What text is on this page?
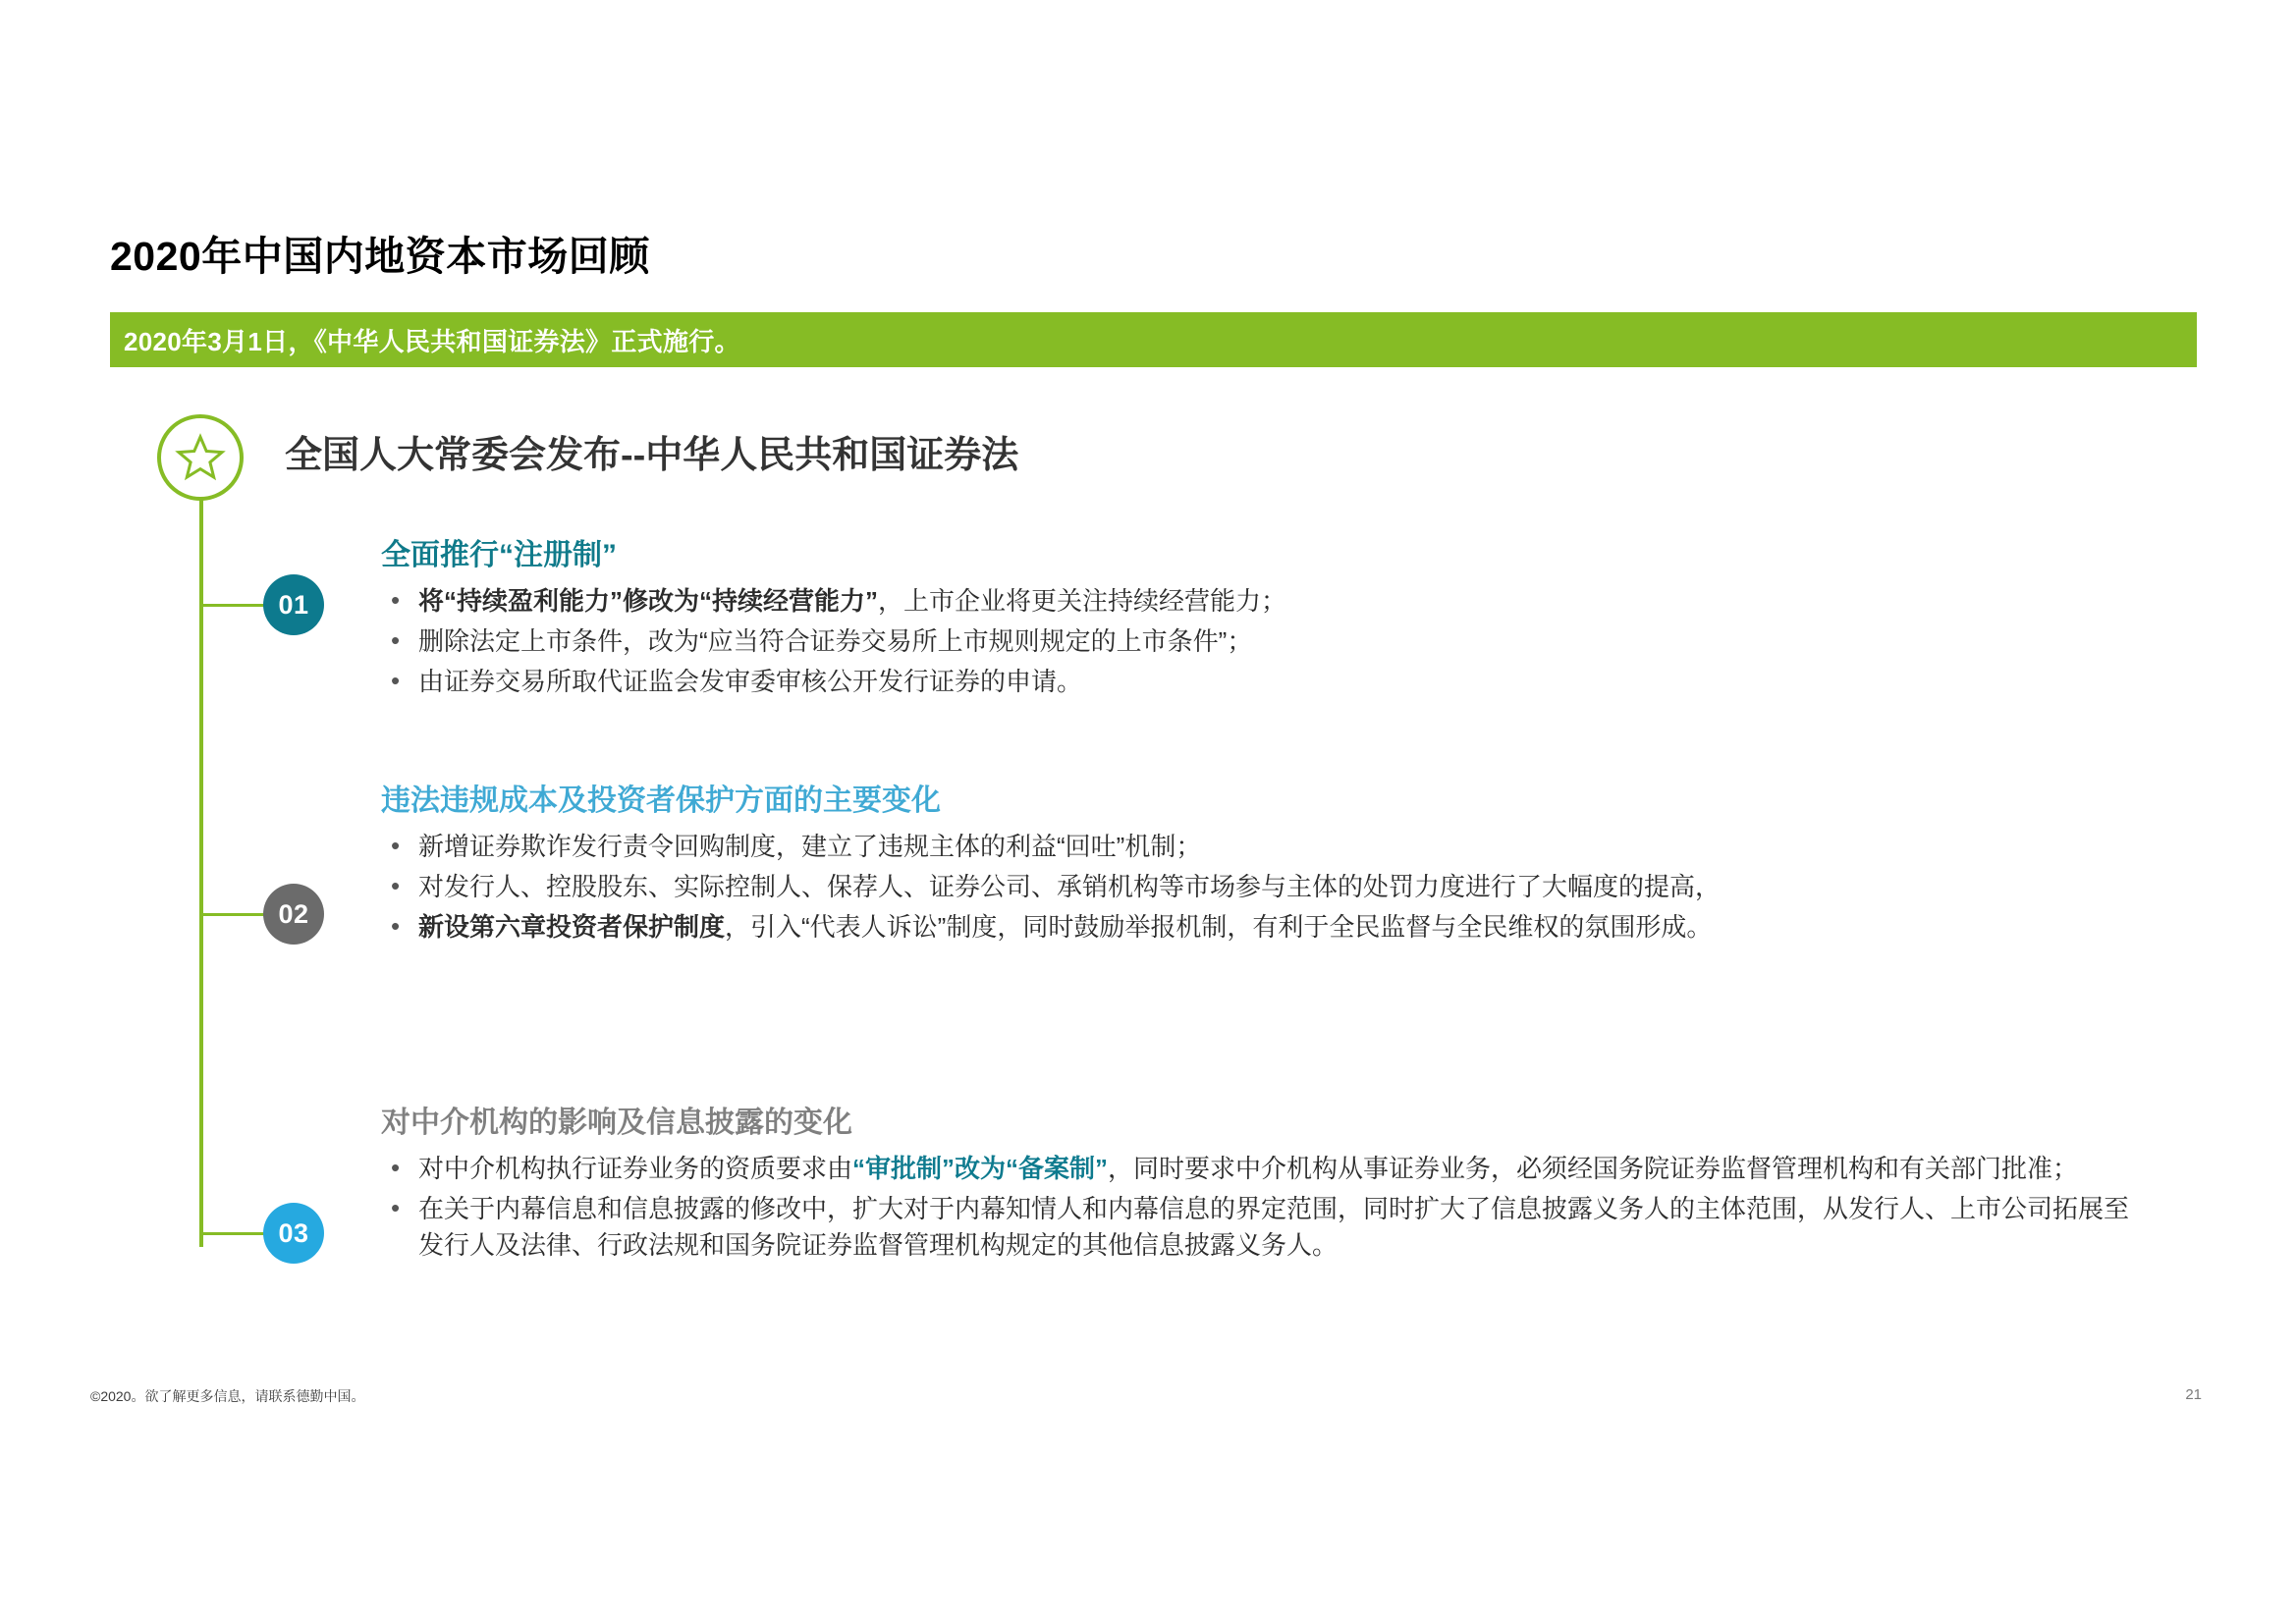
2020年中国内地资本市场回顾
2020年3月1日，《中华人民共和国证券法》正式施行。
全国人大常委会发布--中华人民共和国证券法
01
02
03
全面推行“注册制”
• 将“持续盈利能力”修改为“持续经营能力”，上市企业将更关注持续经营能力；
• 删除法定上市条件，改为“应当符合证券交易所上市规则规定的上市条件”；
• 由证券交易所取代证监会发审委审核公开发行证券的申请。
违法违规成本及投资者保护方面的主要变化
• 新增证券欺诈发行责令回购制度，建立了违规主体的利益“回吐”机制；
• 对发行人、控股股东、实际控制人、保荐人、证券公司、承销机构等市场参与主体的处罚力度进行了大幅度的提高，
• 新设第六章投资者保护制度，引入“代表人诉讼”制度，同时鼓励举报机制，有利于全民监督与全民维权的氛围形成。
对中介机构的影响及信息披露的变化
• 对中介机构执行证券业务的资质要求由“审批制”改为“备案制”，同时要求中介机构从事证券业务，必须经国务院证券监督管理机构和有关部门批准；
• 在关于内幕信息和信息披露的修改中，扩大对于内幕知情人和内幕信息的界定范围，同时扩大了信息披露义务人的主体范围，从发行人、上市公司拓展至发行人及法律、行政法规和国务院证券监督管理机构规定的其他信息披露义务人。
©2020。欲了解更多信息，请联系德勤中国。	21
